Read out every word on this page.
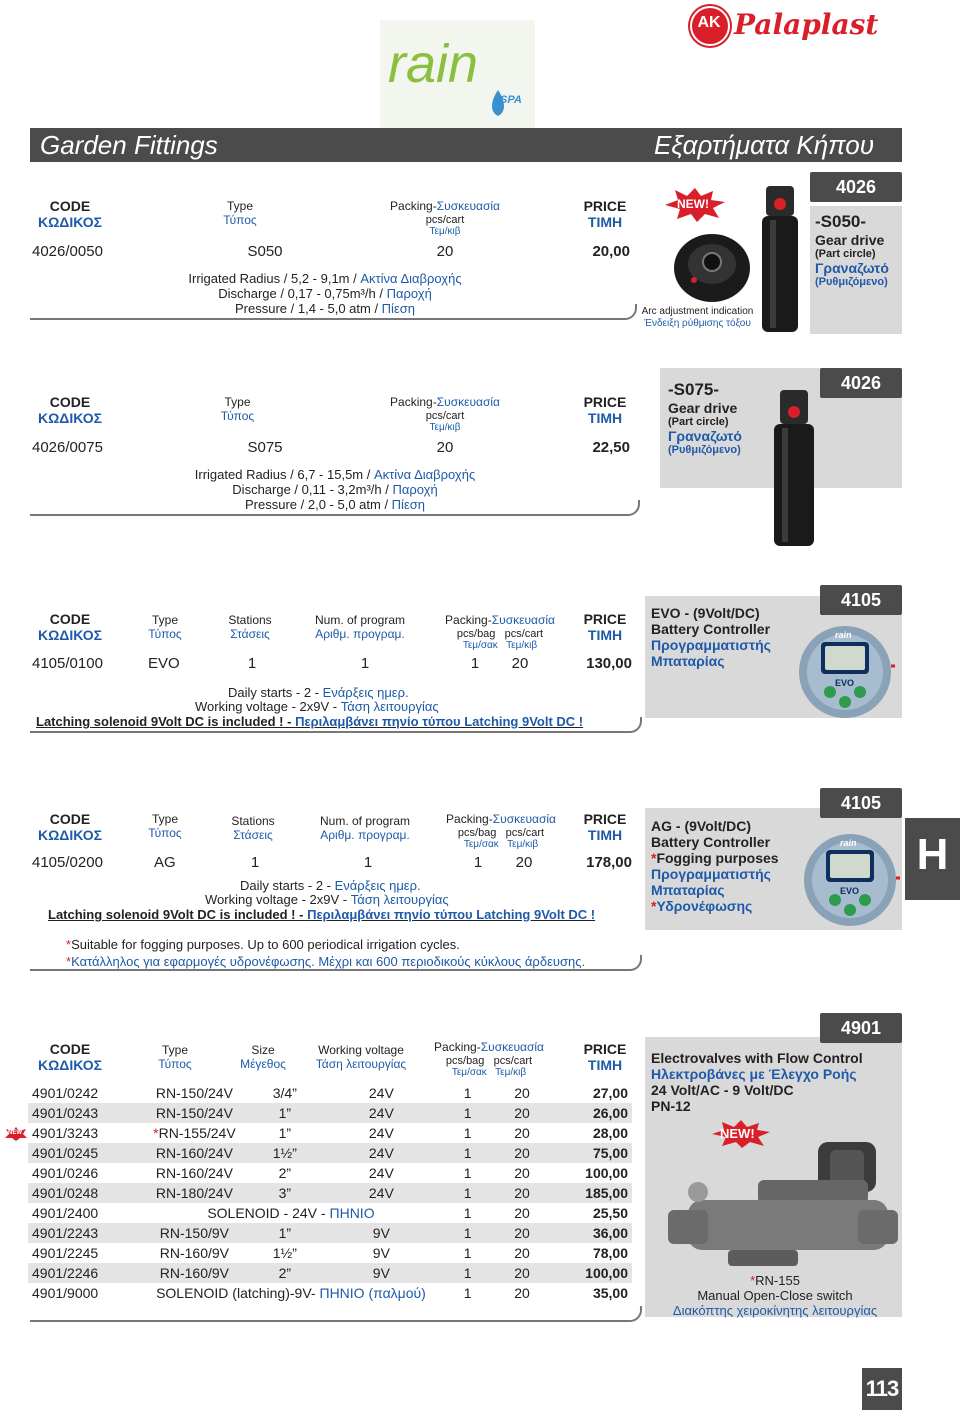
rain
SPA
AK Palaplast
Garden Fittings	Εξαρτήματα Κήπου
CODE
ΚΩΔΙΚΟΣ
Type
Τύπος
Packing-Συσκευασία
pcs/cart
Τεμ/κιβ
PRICE
ΤΙΜΗ
4026/0050	S050	20	20,00
Irrigated Radius / 5,2 - 9,1m / Ακτίνα Διαβροχής
Discharge / 0,17 - 0,75m³/h / Παροχή
Pressure / 1,4 - 5,0 atm / Πίεση
NEW!
Arc adjustment indication
Ένδειξη ρύθμισης τόξου
4026
-S050-
Gear drive
(Part circle)
Γραναζωτό
(Ρυθμιζόμενο)
CODE
ΚΩΔΙΚΟΣ
Type
Τύπος
Packing-Συσκευασία
pcs/cart
Τεμ/κιβ
PRICE
ΤΙΜΗ
4026/0075	S075	20	22,50
Irrigated Radius / 6,7 - 15,5m / Ακτίνα Διαβροχής
Discharge / 0,11 - 3,2m³/h / Παροχή
Pressure / 2,0 - 5,0 atm / Πίεση
4026
-S075-
Gear drive
(Part circle)
Γραναζωτό
(Ρυθμιζόμενο)
CODE
ΚΩΔΙΚΟΣ
Type
Τύπος
Stations
Στάσεις
Num. of program
Αριθμ. προγραμ.
Packing-Συσκευασία
pcs/bag pcs/cart
Τεμ/σακ Τεμ/κιβ
PRICE
ΤΙΜΗ
4105/0100	EVO	1	1	1	20	130,00
Daily starts - 2 - Ενάρξεις ημερ.
Working voltage - 2x9V - Τάση λειτουργίας
Latching solenoid 9Volt DC is included ! - Περιλαμβάνει πηνίο τύπου Latching 9Volt DC !
4105
EVO - (9Volt/DC)
Battery Controller
Προγραμματιστής
Μπαταρίας
rain
EVO
CODE
ΚΩΔΙΚΟΣ
Type
Τύπος
Stations
Στάσεις
Num. of program
Αριθμ. προγραμ.
Packing-Συσκευασία
pcs/bag pcs/cart
Τεμ/σακ Τεμ/κιβ
PRICE
ΤΙΜΗ
4105/0200	AG	1	1	1	20	178,00
Daily starts - 2 - Ενάρξεις ημερ.
Working voltage - 2x9V - Τάση λειτουργίας
Latching solenoid 9Volt DC is included ! - Περιλαμβάνει πηνίο τύπου Latching 9Volt DC !
*Suitable for fogging purposes. Up to 600 periodical irrigation cycles.
*Κατάλληλος για εφαρμογές υδρονέφωσης. Μέχρι και 600 περιοδικούς κύκλους άρδευσης.
4105
AG - (9Volt/DC)
Battery Controller
*Fogging purposes
Προγραμματιστής
Μπαταρίας
*Υδρονέφωσης
rain
EVO
H
CODE
ΚΩΔΙΚΟΣ
Type
Τύπος
Size
Μέγεθος
Working voltage
Τάση λειτουργίας
Packing-Συσκευασία
pcs/bag pcs/cart
Τεμ/σακ Τεμ/κιβ
PRICE
ΤΙΜΗ
NEW
4901/0242	RN-150/24V	3/4”	24V	1	20	27,00
4901/0243	RN-150/24V	1”	24V	1	20	26,00
4901/3243	*RN-155/24V	1”	24V	1	20	28,00
4901/0245	RN-160/24V	1½”	24V	1	20	75,00
4901/0246	RN-160/24V	2”	24V	1	20	100,00
4901/0248	RN-180/24V	3”	24V	1	20	185,00
4901/2400	SOLENOID - 24V - ΠΗΝΙΟ			1	20	25,50
4901/2243	RN-150/9V	1”	9V	1	20	36,00
4901/2245	RN-160/9V	1½”	9V	1	20	78,00
4901/2246	RN-160/9V	2”	9V	1	20	100,00
4901/9000	SOLENOID (latching)-9V- ΠΗΝΙΟ (παλμού)			1	20	35,00
4901
Electrovalves with Flow Control
Ηλεκτροβάνες με Έλεγχο Ροής
24 Volt/AC - 9 Volt/DC
PN-12
NEW!
*RN-155
Manual Open-Close switch
Διακόπτης χειροκίνητης λειτουργίας
113
